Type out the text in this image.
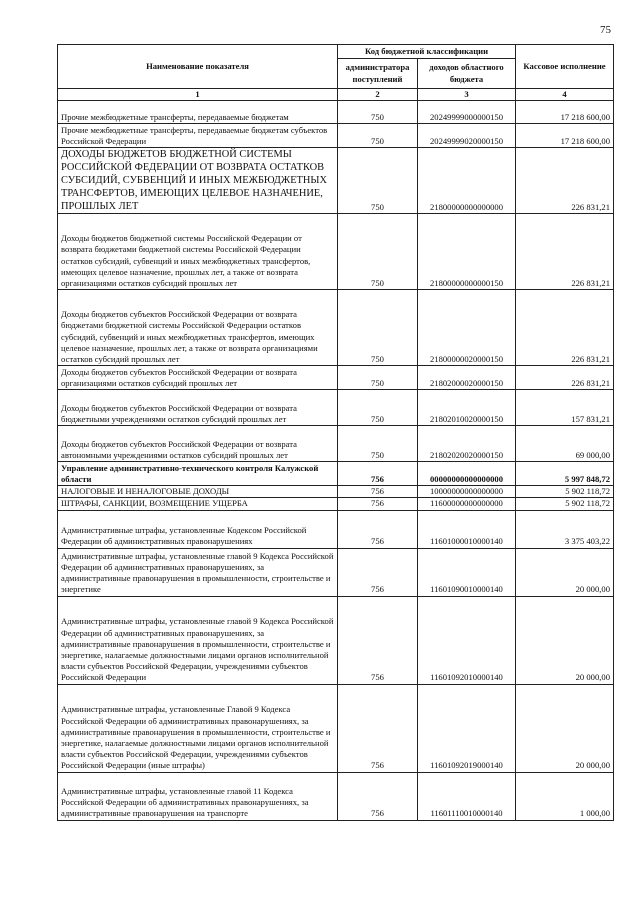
75
Наименование показателя	Код бюджетной классификации		Кассовое исполнение
	администратора поступлений	доходов областного бюджета	
1	2	3	4
Прочие межбюджетные трансферты, передаваемые бюджетам	750	20249999000000150	17 218 600,00
Прочие межбюджетные трансферты, передаваемые бюджетам субъектов Российской Федерации	750	20249999020000150	17 218 600,00
ДОХОДЫ БЮДЖЕТОВ БЮДЖЕТНОЙ СИСТЕМЫ РОССИЙСКОЙ ФЕДЕРАЦИИ ОТ ВОЗВРАТА ОСТАТКОВ СУБСИДИЙ, СУБВЕНЦИЙ И ИНЫХ МЕЖБЮДЖЕТНЫХ ТРАНСФЕРТОВ, ИМЕЮЩИХ ЦЕЛЕВОЕ НАЗНАЧЕНИЕ, ПРОШЛЫХ ЛЕТ	750	21800000000000000	226 831,21
Доходы бюджетов бюджетной системы Российской Федерации от возврата бюджетами бюджетной системы Российской Федерации остатков субсидий, субвенций и иных межбюджетных трансфертов, имеющих целевое назначение, прошлых лет, а также от возврата организациями остатков субсидий прошлых лет	750	21800000000000150	226 831,21
Доходы бюджетов субъектов Российской Федерации от возврата бюджетами бюджетной системы Российской Федерации остатков субсидий, субвенций и иных межбюджетных трансфертов, имеющих целевое назначение, прошлых лет, а также от возврата организациями остатков субсидий прошлых лет	750	21800000020000150	226 831,21
Доходы бюджетов субъектов Российской Федерации от возврата организациями остатков субсидий прошлых лет	750	21802000020000150	226 831,21
Доходы бюджетов субъектов Российской Федерации от возврата бюджетными учреждениями остатков субсидий прошлых лет	750	21802010020000150	157 831,21
Доходы бюджетов субъектов Российской Федерации от возврата автономными учреждениями остатков субсидий прошлых лет	750	21802020020000150	69 000,00
Управление административно-технического контроля Калужской области	756	00000000000000000	5 997 848,72
НАЛОГОВЫЕ И НЕНАЛОГОВЫЕ ДОХОДЫ	756	10000000000000000	5 902 118,72
ШТРАФЫ, САНКЦИИ, ВОЗМЕЩЕНИЕ УЩЕРБА	756	11600000000000000	5 902 118,72
Административные штрафы, установленные Кодексом Российской Федерации об административных правонарушениях	756	11601000010000140	3 375 403,22
Административные штрафы, установленные главой 9 Кодекса Российской Федерации об административных правонарушениях, за административные правонарушения в промышленности, строительстве и энергетике	756	11601090010000140	20 000,00
Административные штрафы, установленные главой 9 Кодекса Российской Федерации об административных правонарушениях, за административные правонарушения в промышленности, строительстве и энергетике, налагаемые должностными лицами органов исполнительной власти субъектов Российской Федерации, учреждениями субъектов Российской Федерации	756	11601092010000140	20 000,00
Административные штрафы, установленные Главой 9 Кодекса Российской Федерации об административных правонарушениях, за административные правонарушения в промышленности, строительстве и энергетике, налагаемые должностными лицами органов исполнительной власти субъектов Российской Федерации, учреждениями субъектов Российской Федерации (иные штрафы)	756	11601092019000140	20 000,00
Административные штрафы, установленные главой 11 Кодекса Российской Федерации об административных правонарушениях, за административные правонарушения на транспорте	756	11601110010000140	1 000,00
